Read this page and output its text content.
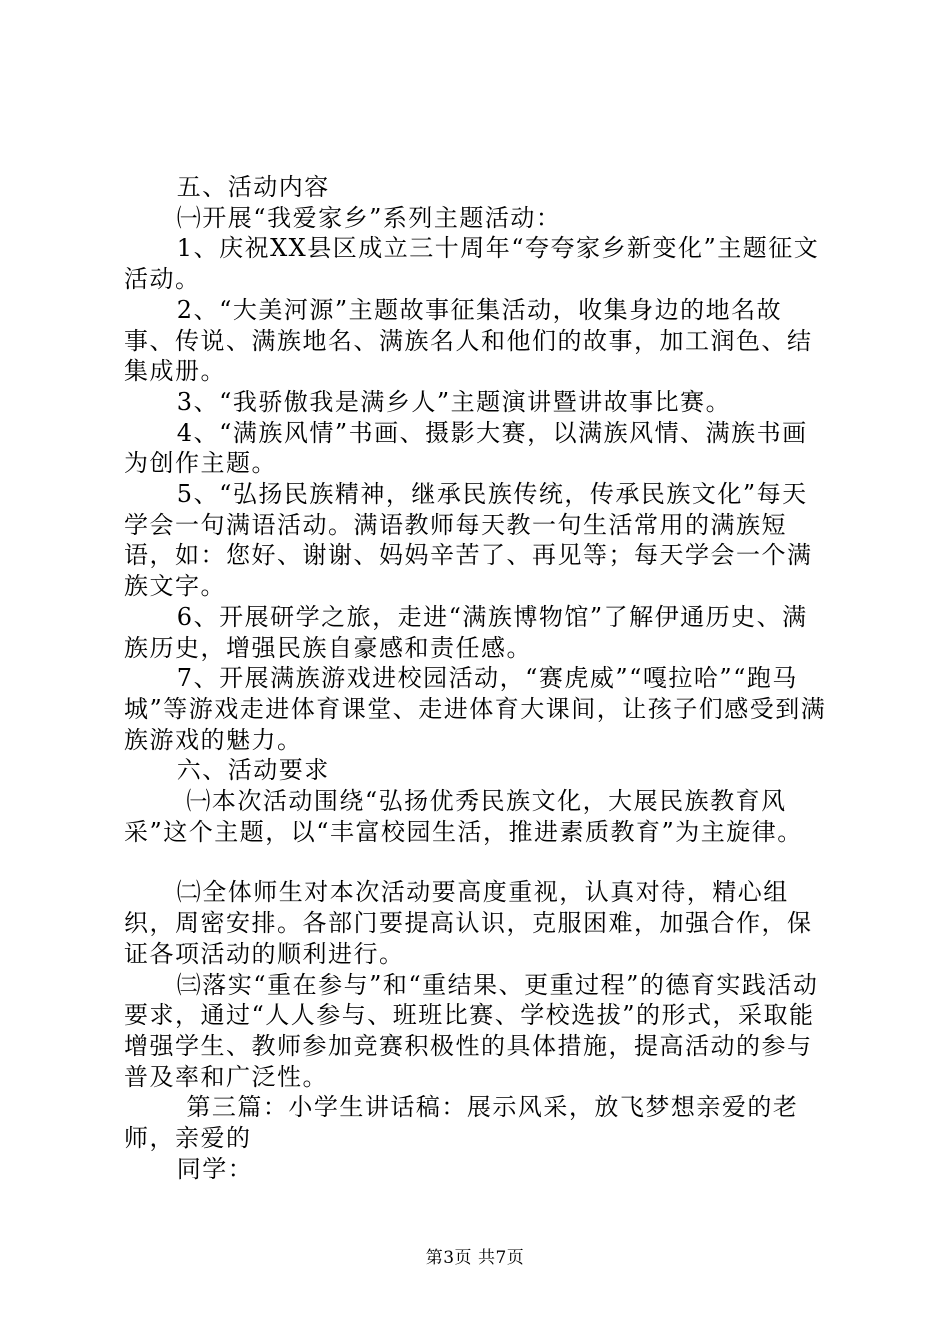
五、活动内容

㈠开展“我爱家乡”系列主题活动：

1、庆祝XX县区成立三十周年“夸夸家乡新变化”主题征文活动。

2、“大美河源”主题故事征集活动，收集身边的地名故事、传说、满族地名、满族名人和他们的故事，加工润色、结集成册。

3、“我骄傲我是满乡人”主题演讲暨讲故事比赛。

4、“满族风情”书画、摄影大赛，以满族风情、满族书画为创作主题。

5、“弘扬民族精神，继承民族传统，传承民族文化”每天学会一句满语活动。满语教师每天教一句生活常用的满族短语，如：您好、谢谢、妈妈辛苦了、再见等；每天学会一个满族文字。

6、开展研学之旅，走进“满族博物馆”了解伊通历史、满族历史，增强民族自豪感和责任感。

7、开展满族游戏进校园活动，“赛虎威”“嘎拉哈”“跑马城”等游戏走进体育课堂、走进体育大课间，让孩子们感受到满族游戏的魅力。

六、活动要求

㈠本次活动围绕“弘扬优秀民族文化，大展民族教育风采”这个主题，以“丰富校园生活，推进素质教育”为主旋律。

㈡全体师生对本次活动要高度重视，认真对待，精心组织，周密安排。各部门要提高认识，克服困难，加强合作，保证各项活动的顺利进行。

㈢落实“重在参与”和“重结果、更重过程”的德育实践活动要求，通过“人人参与、班班比赛、学校选拔”的形式，采取能增强学生、教师参加竞赛积极性的具体措施，提高活动的参与普及率和广泛性。

第三篇：小学生讲话稿：展示风采，放飞梦想亲爱的老师，亲爱的

同学：

第3页 共7页
